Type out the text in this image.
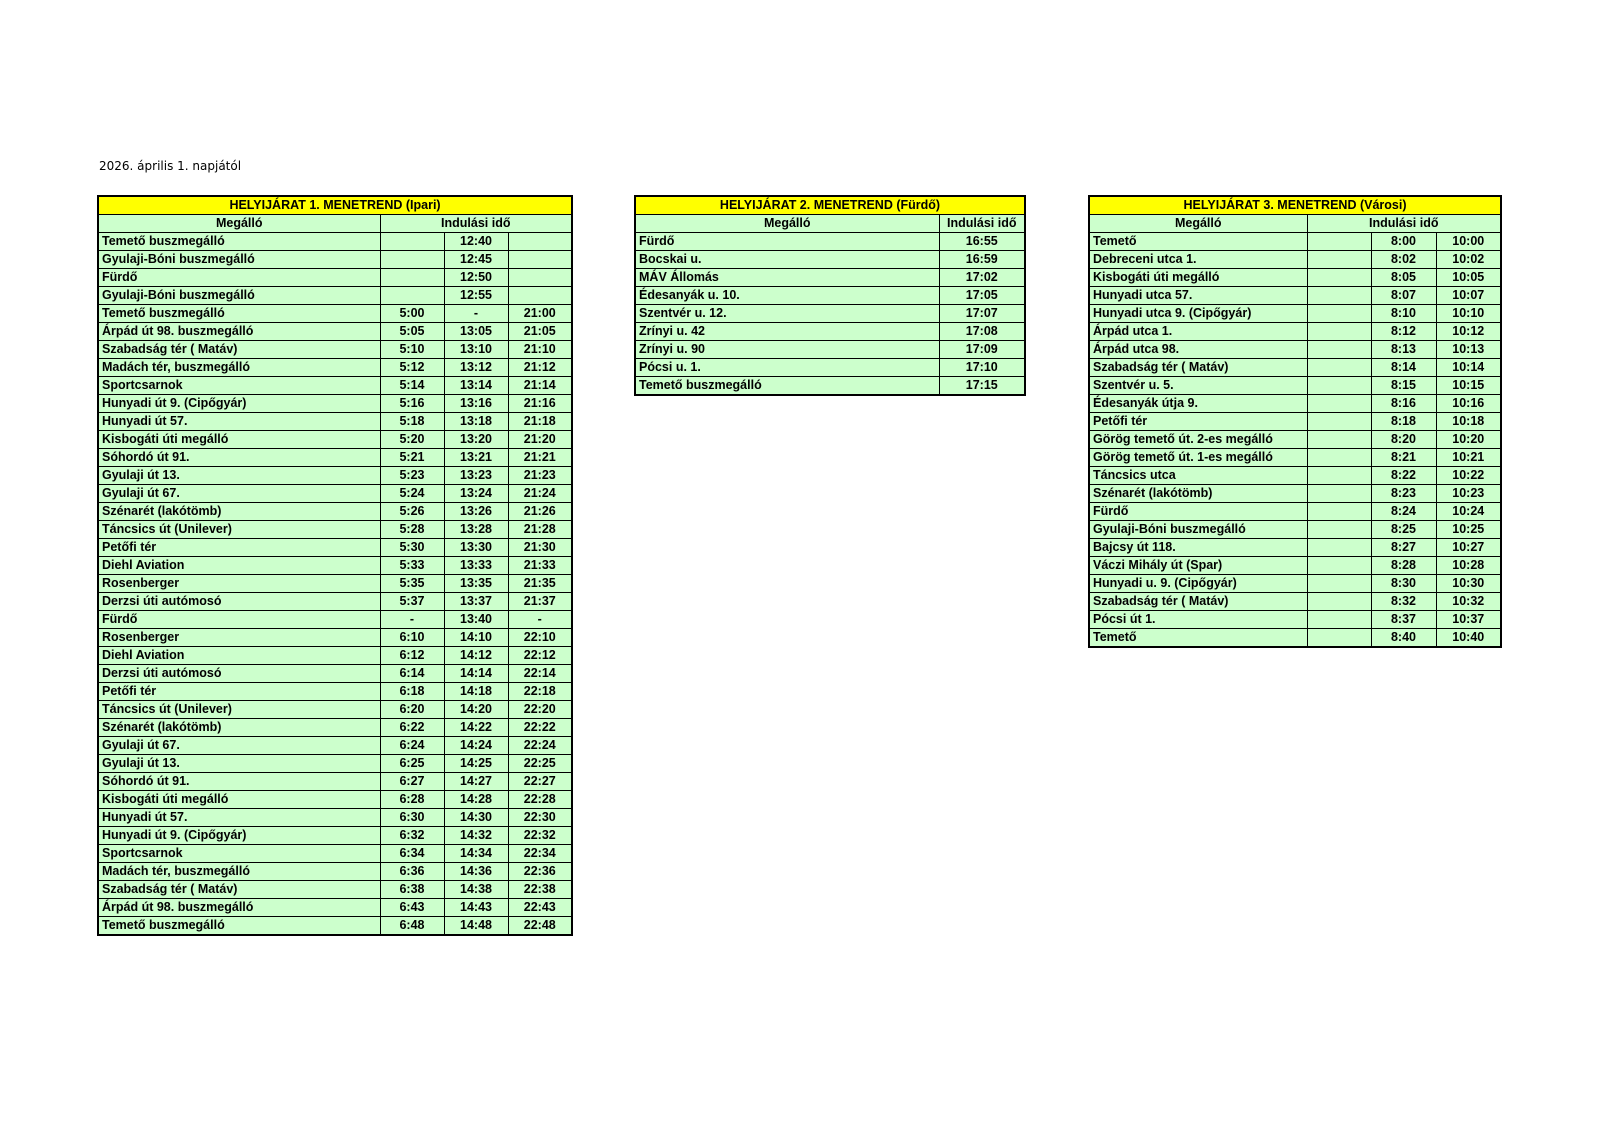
2026. április 1. napjától
HELYIJÁRAT 1. MENETREND (Ipari)			
Megálló	Indulási idő		
Temető buszmegálló		12:40	
Gyulaji-Bóni buszmegálló		12:45	
Fürdő		12:50	
Gyulaji-Bóni buszmegálló		12:55	
Temető buszmegálló	5:00	-	21:00
Árpád út 98. buszmegálló	5:05	13:05	21:05
Szabadság tér ( Matáv)	5:10	13:10	21:10
Madách tér, buszmegálló	5:12	13:12	21:12
Sportcsarnok	5:14	13:14	21:14
Hunyadi út 9. (Cipőgyár)	5:16	13:16	21:16
Hunyadi út 57.	5:18	13:18	21:18
Kisbogáti úti megálló	5:20	13:20	21:20
Sóhordó út 91.	5:21	13:21	21:21
Gyulaji út 13.	5:23	13:23	21:23
Gyulaji út 67.	5:24	13:24	21:24
Szénarét (lakótömb)	5:26	13:26	21:26
Táncsics út (Unilever)	5:28	13:28	21:28
Petőfi tér	5:30	13:30	21:30
Diehl Aviation	5:33	13:33	21:33
Rosenberger	5:35	13:35	21:35
Derzsi úti autómosó	5:37	13:37	21:37
Fürdő	-	13:40	-
Rosenberger	6:10	14:10	22:10
Diehl Aviation	6:12	14:12	22:12
Derzsi úti autómosó	6:14	14:14	22:14
Petőfi tér	6:18	14:18	22:18
Táncsics út (Unilever)	6:20	14:20	22:20
Szénarét (lakótömb)	6:22	14:22	22:22
Gyulaji út 67.	6:24	14:24	22:24
Gyulaji út 13.	6:25	14:25	22:25
Sóhordó út 91.	6:27	14:27	22:27
Kisbogáti úti megálló	6:28	14:28	22:28
Hunyadi út 57.	6:30	14:30	22:30
Hunyadi út 9. (Cipőgyár)	6:32	14:32	22:32
Sportcsarnok	6:34	14:34	22:34
Madách tér, buszmegálló	6:36	14:36	22:36
Szabadság tér ( Matáv)	6:38	14:38	22:38
Árpád út 98. buszmegálló	6:43	14:43	22:43
Temető buszmegálló	6:48	14:48	22:48
HELYIJÁRAT 2. MENETREND (Fürdő)	
Megálló	Indulási idő
Fürdő	16:55
Bocskai u.	16:59
MÁV Állomás	17:02
Édesanyák u. 10.	17:05
Szentvér u. 12.	17:07
Zrínyi u. 42	17:08
Zrínyi u. 90	17:09
Pócsi u. 1.	17:10
Temető buszmegálló	17:15
HELYIJÁRAT 3. MENETREND (Városi)			
Megálló	Indulási idő		
Temető		8:00	10:00
Debreceni utca 1.		8:02	10:02
Kisbogáti úti megálló		8:05	10:05
Hunyadi utca 57.		8:07	10:07
Hunyadi utca 9. (Cipőgyár)		8:10	10:10
Árpád utca 1.		8:12	10:12
Árpád utca 98.		8:13	10:13
Szabadság tér ( Matáv)		8:14	10:14
Szentvér u. 5.		8:15	10:15
Édesanyák útja 9.		8:16	10:16
Petőfi tér		8:18	10:18
Görög temető út. 2-es megálló		8:20	10:20
Görög temető út. 1-es megálló		8:21	10:21
Táncsics utca		8:22	10:22
Szénarét (lakótömb)		8:23	10:23
Fürdő		8:24	10:24
Gyulaji-Bóni buszmegálló		8:25	10:25
Bajcsy út 118.		8:27	10:27
Váczi Mihály út (Spar)		8:28	10:28
Hunyadi u. 9. (Cipőgyár)		8:30	10:30
Szabadság tér ( Matáv)		8:32	10:32
Pócsi út 1.		8:37	10:37
Temető		8:40	10:40
